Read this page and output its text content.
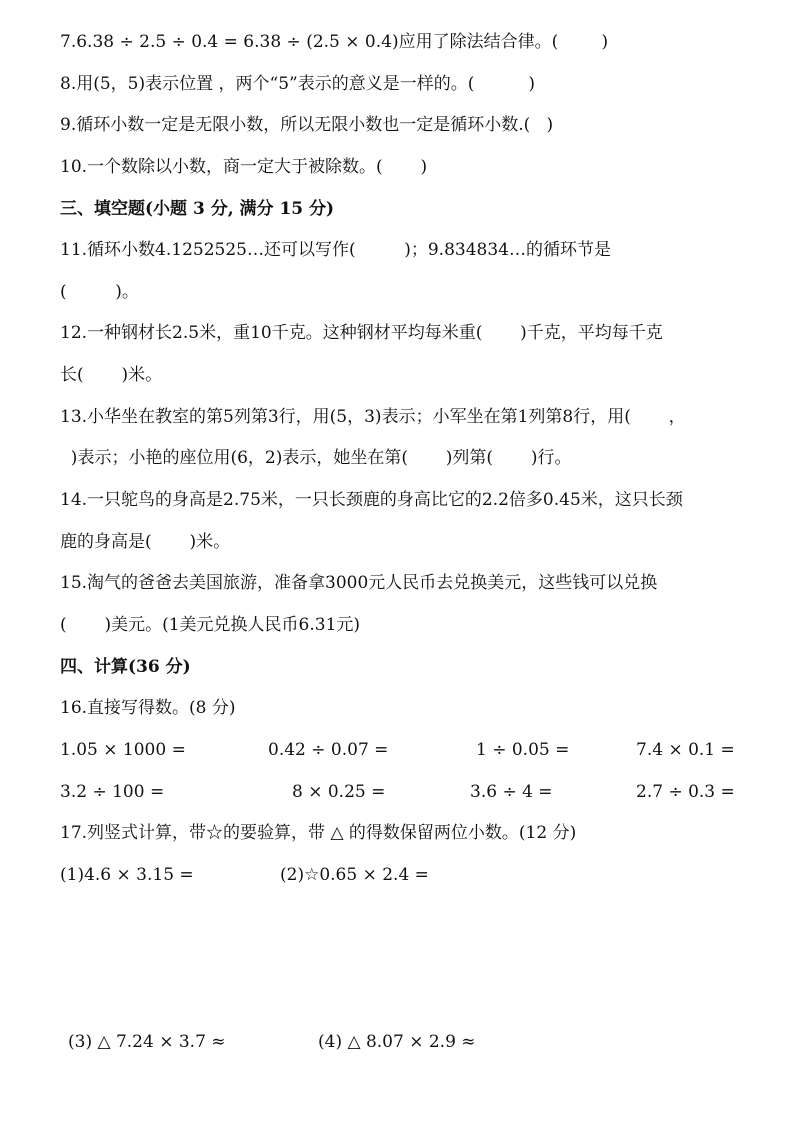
7.6.38 ÷ 2.5 ÷ 0.4 = 6.38 ÷ (2.5 × 0.4)应用了除法结合律。(        )
8.用(5，5)表示位置 ，两个“5”表示的意义是一样的。(          )
9.循环小数一定是无限小数，所以无限小数也一定是循环小数.(   )
10.一个数除以小数，商一定大于被除数。(       )
三、填空题(小题 3 分, 满分 15 分)
11.循环小数4.1252525…还可以写作(         )；9.834834…的循环节是
(         )。
12.一种钢材长2.5米，重10千克。这种钢材平均每米重(       )千克，平均每千克
长(       )米。
13.小华坐在教室的第5列第3行，用(5，3)表示；小军坐在第1列第8行，用(       ，
)表示；小艳的座位用(6，2)表示，她坐在第(       )列第(       )行。
14.一只鸵鸟的身高是2.75米，一只长颈鹿的身高比它的2.2倍多0.45米，这只长颈
鹿的身高是(       )米。
15.淘气的爸爸去美国旅游，准备拿3000元人民币去兑换美元，这些钱可以兑换
(       )美元。(1美元兑换人民币6.31元)
四、计算(36 分)
16.直接写得数。(8 分)
1.05 × 1000 =	0.42 ÷ 0.07 =	1 ÷ 0.05 =	7.4 × 0.1 =
3.2 ÷ 100 =	8 × 0.25 =	3.6 ÷ 4 =	2.7 ÷ 0.3 =
17.列竖式计算，带☆的要验算，带 △ 的得数保留两位小数。(12 分)
(1)4.6 × 3.15 =	(2)☆0.65 × 2.4 =
(3) △ 7.24 × 3.7 ≈	(4) △ 8.07 × 2.9 ≈
